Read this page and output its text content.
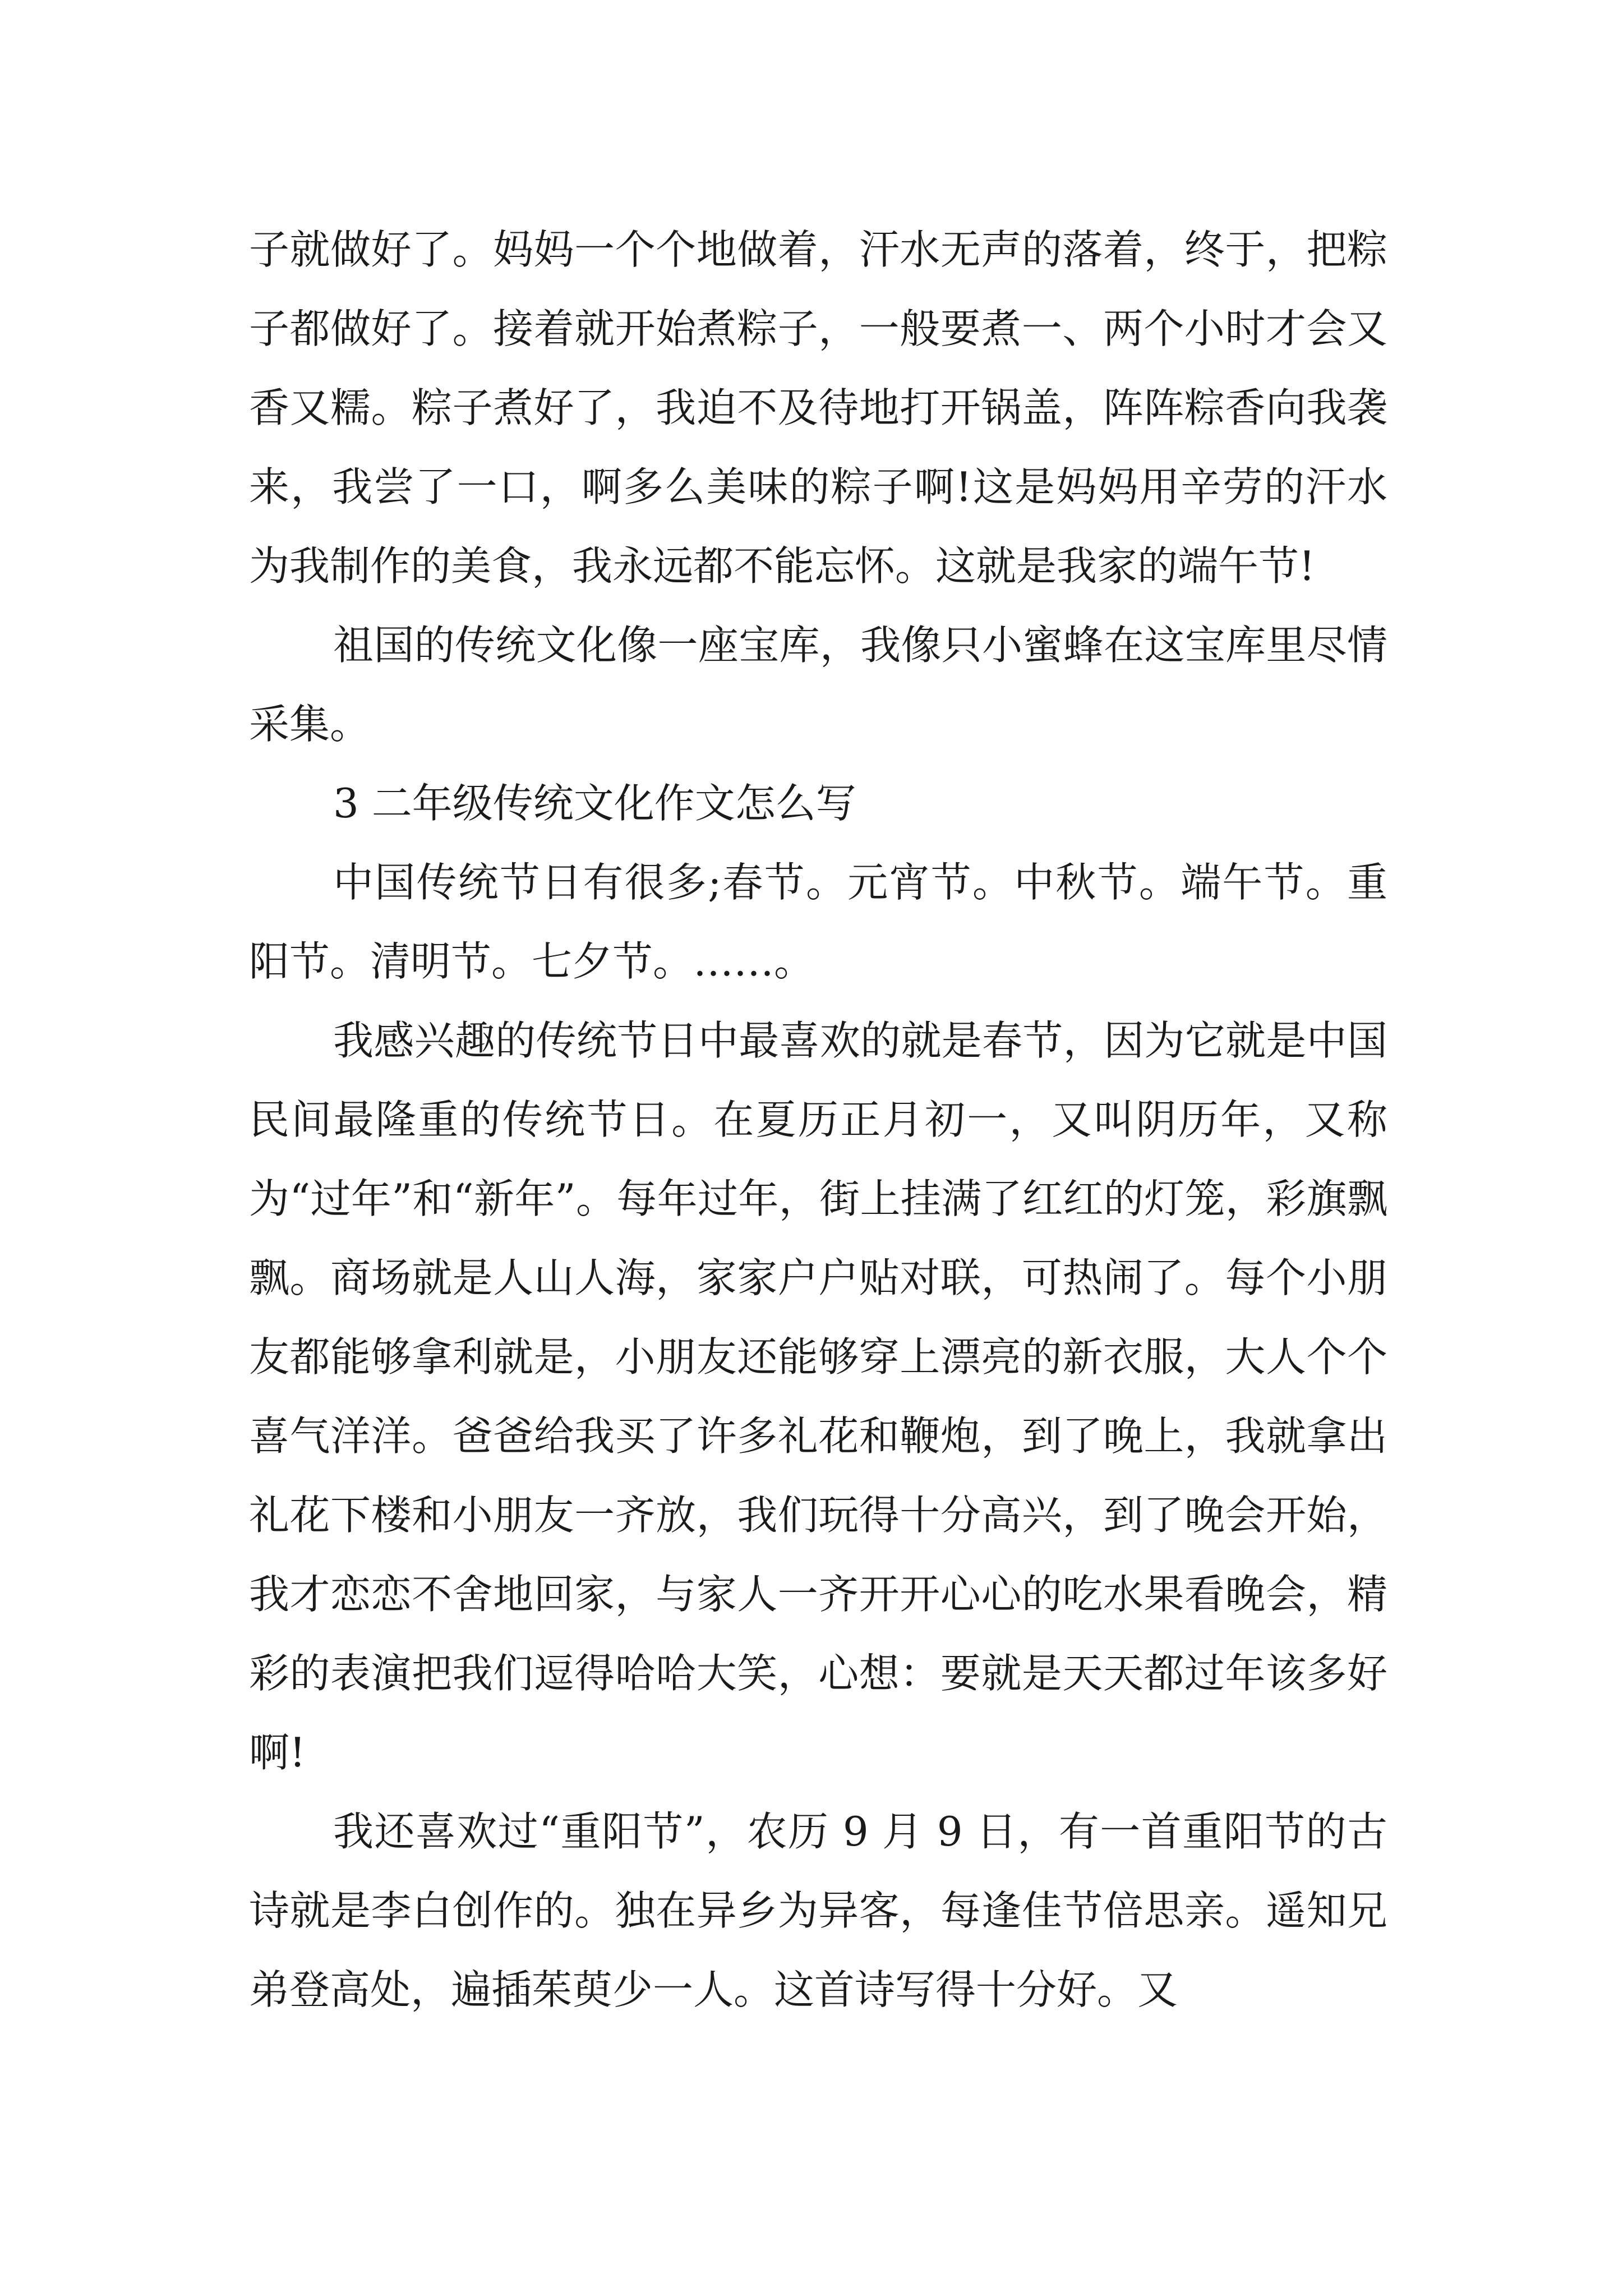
子就做好了。妈妈一个个地做着，汗水无声的落着，终于，把粽子都做好了。接着就开始煮粽子，一般要煮一、两个小时才会又香又糯。粽子煮好了，我迫不及待地打开锅盖，阵阵粽香向我袭来，我尝了一口，啊多么美味的粽子啊!这是妈妈用辛劳的汗水为我制作的美食，我永远都不能忘怀。这就是我家的端午节!

祖国的传统文化像一座宝库，我像只小蜜蜂在这宝库里尽情采集。

3 二年级传统文化作文怎么写

中国传统节日有很多;春节。元宵节。中秋节。端午节。重阳节。清明节。七夕节。……。

我感兴趣的传统节日中最喜欢的就是春节，因为它就是中国民间最隆重的传统节日。在夏历正月初一，又叫阴历年，又称为“过年”和“新年”。每年过年，街上挂满了红红的灯笼，彩旗飘飘。商场就是人山人海，家家户户贴对联，可热闹了。每个小朋友都能够拿利就是，小朋友还能够穿上漂亮的新衣服，大人个个喜气洋洋。爸爸给我买了许多礼花和鞭炮，到了晚上，我就拿出礼花下楼和小朋友一齐放，我们玩得十分高兴，到了晚会开始，我才恋恋不舍地回家，与家人一齐开开心心的吃水果看晚会，精彩的表演把我们逗得哈哈大笑，心想：要就是天天都过年该多好啊!

我还喜欢过“重阳节”，农历 9 月 9 日，有一首重阳节的古诗就是李白创作的。独在异乡为异客，每逢佳节倍思亲。遥知兄弟登高处，遍插茱萸少一人。这首诗写得十分好。又
